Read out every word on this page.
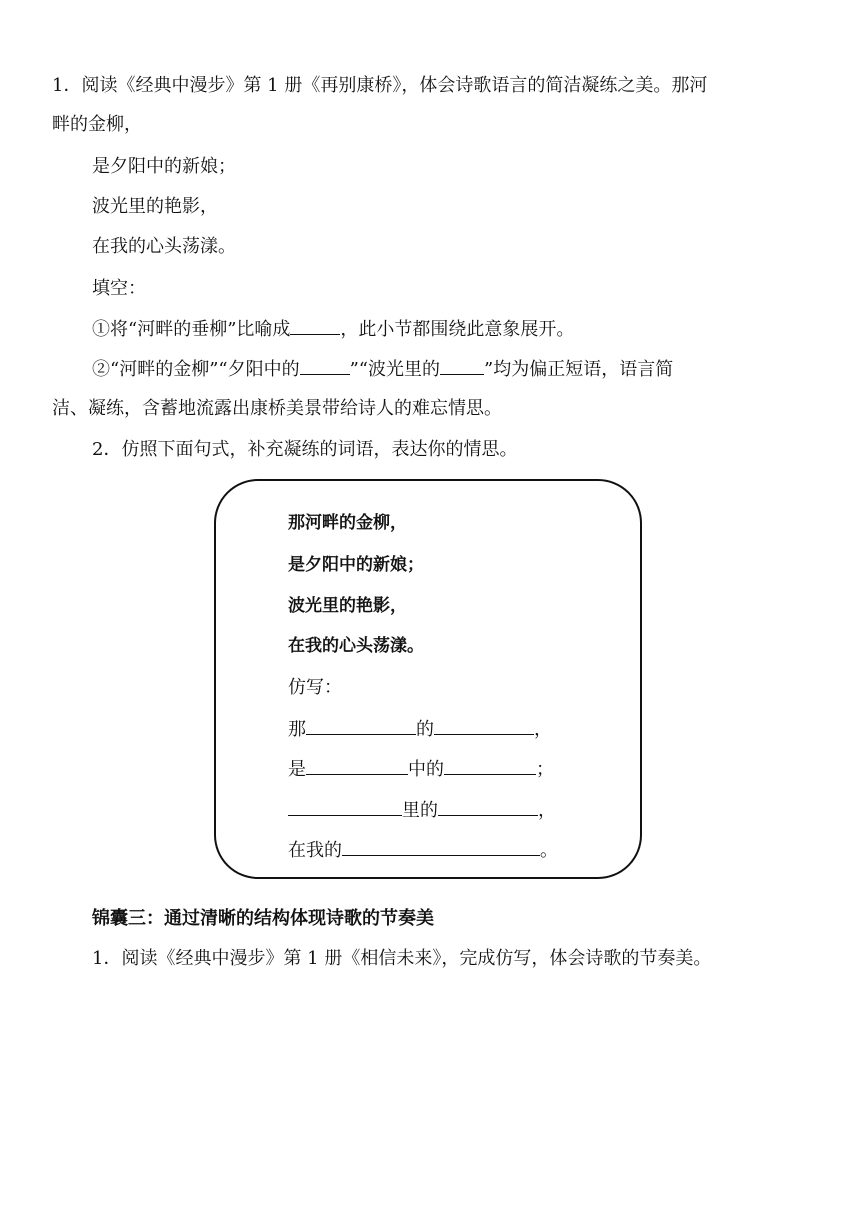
1．阅读《经典中漫步》第 1 册《再别康桥》，体会诗歌语言的简洁凝练之美。那河
畔的金柳，
是夕阳中的新娘；
波光里的艳影，
在我的心头荡漾。
填空：
①将“河畔的垂柳”比喻成	，此小节都围绕此意象展开。
②“河畔的金柳”“夕阳中的	”“波光里的 ”均为偏正短语，语言简
洁、凝练，含蓄地流露出康桥美景带给诗人的难忘情思。
2．仿照下面句式，补充凝练的词语，表达你的情思。
那河畔的金柳，
是夕阳中的新娘；
波光里的艳影，
在我的心头荡漾。
仿写：
那	的	，
是	中的	；
里的	，
在我的	。
锦囊三：通过清晰的结构体现诗歌的节奏美
1．阅读《经典中漫步》第 1 册《相信未来》，完成仿写，体会诗歌的节奏美。
